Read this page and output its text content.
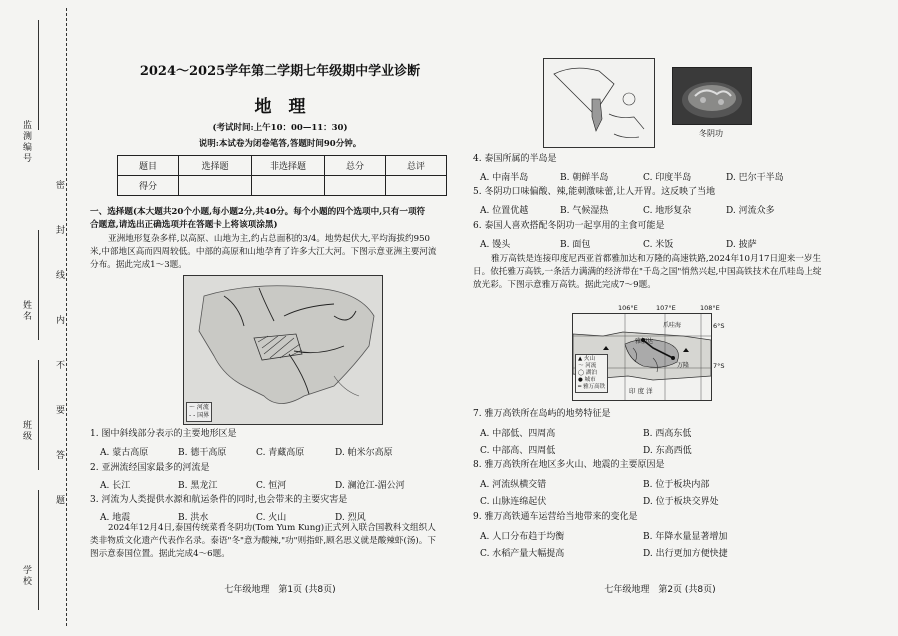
监测编号
姓名
班级
学校
密
封
线
内
不
要
答
题
2024～2025学年第二学期七年级期中学业诊断
地　理
(考试时间:上午10：00—11：30)
说明:本试卷为闭卷笔答,答题时间90分钟。
题目	选择题	非选择题	总分	总评
得分				
一、选择题(本大题共20个小题,每小题2分,共40分。每个小题的四个选项中,只有一项符
合题意,请选出正确选项并在答题卡上将该项涂黑)
亚洲地形复杂多样,以高原、山地为主,约占总面积的3/4。地势起伏大,平均海拔约950米,中部地区高而四周较低。中部的高原和山地孕育了许多大江大河。下图示意亚洲主要河流分布。据此完成1～3题。
～ 河流
- - 国界
1. 图中斜线部分表示的主要地形区是
A. 蒙古高原	B. 德干高原	C. 青藏高原	D. 帕米尔高原
2. 亚洲流经国家最多的河流是
A. 长江	B. 黑龙江	C. 恒河	D. 澜沧江-湄公河
3. 河流为人类提供水源和航运条件的同时,也会带来的主要灾害是
A. 地震	B. 洪水	C. 火山	D. 烈风
2024年12月4日,泰国传统菜肴冬阴功(Tom Yum Kung)正式列入联合国教科文组织人类非物质文化遗产代表作名录。泰语"冬"意为酸辣,"功"则指虾,顾名思义就是酸辣虾(汤)。下图示意泰国位置。据此完成4～6题。
七年级地理　第1页 (共8页)
冬阴功
4. 泰国所属的半岛是
A. 中南半岛	B. 朝鲜半岛	C. 印度半岛	D. 巴尔干半岛
5. 冬阴功口味偏酸、辣,能刺激味蕾,让人开胃。这反映了当地
A. 位置优越	B. 气候湿热	C. 地形复杂	D. 河流众多
6. 泰国人喜欢搭配冬阴功一起享用的主食可能是
A. 馒头	B. 面包	C. 米饭	D. 披萨
雅万高铁是连接印度尼西亚首都雅加达和万隆的高速铁路,2024年10月17日迎来一岁生日。依托雅万高铁,一条活力满满的经济带在"千岛之国"悄然兴起,中国高铁技术在爪哇岛上绽放光彩。下图示意雅万高铁。据此完成7～9题。
106°E	107°E	108°E
爪哇海
雅加达
万隆
印 度 洋
▲ 火山
～ 河流
◯ 湖泊
● 城市
━ 雅万高铁
6°S
7°S
7. 雅万高铁所在岛屿的地势特征是
A. 中部低、四周高	B. 西高东低
C. 中部高、四周低	D. 东高西低
8. 雅万高铁所在地区多火山、地震的主要原因是
A. 河流纵横交错	B. 位于板块内部
C. 山脉连绵起伏	D. 位于板块交界处
9. 雅万高铁通车运营给当地带来的变化是
A. 人口分布趋于均衡	B. 年降水量显著增加
C. 水稻产量大幅提高	D. 出行更加方便快捷
七年级地理　第2页 (共8页)
